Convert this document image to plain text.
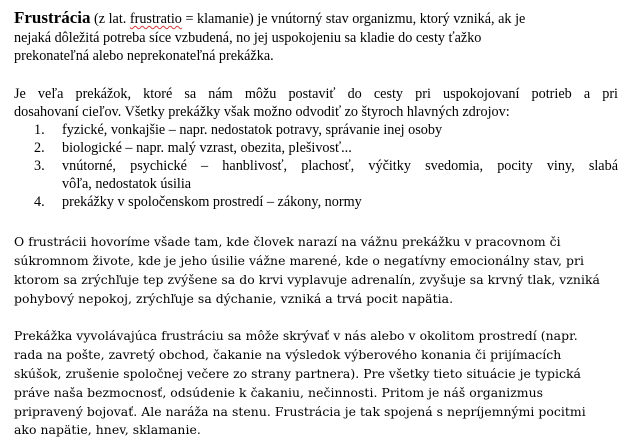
Frustrácia (z lat. frustratio = klamanie) je vnútorný stav organizmu, ktorý vzniká, ak je
nejaká dôležitá potreba síce vzbudená, no jej uspokojeniu sa kladie do cesty ťažko
prekonateľná alebo neprekonateľná prekážka.
Je veľa prekážok, ktoré sa nám môžu postaviť do cesty pri uspokojovaní potrieb a pri
dosahovaní cieľov. Všetky prekážky však možno odvodiť zo štyroch hlavných zdrojov:
1. fyzické, vonkajšie – napr. nedostatok potravy, správanie inej osoby
2. biologické – napr. malý vzrast, obezita, plešivosť...
3. vnútorné, psychické – hanblivosť, plachosť, výčitky svedomia, pocity viny, slabá
vôľa, nedostatok úsilia
4. prekážky v spoločenskom prostredí – zákony, normy
O frustrácii hovoríme všade tam, kde človek narazí na vážnu prekážku v pracovnom či
súkromnom živote, kde je jeho úsilie vážne marené, kde o negatívny emocionálny stav, pri
ktorom sa zrýchľuje tep zvýšene sa do krvi vyplavuje adrenalín, zvyšuje sa krvný tlak, vzniká
pohybový nepokoj, zrýchľuje sa dýchanie, vzniká a trvá pocit napätia.
Prekážka vyvolávajúca frustráciu sa môže skrývať v nás alebo v okolitom prostredí (napr.
rada na pošte, zavretý obchod, čakanie na výsledok výberového konania či prijímacích
skúšok, zrušenie spoločnej večere zo strany partnera). Pre všetky tieto situácie je typická
práve naša bezmocnosť, odsúdenie k čakaniu, nečinnosti. Pritom je náš organizmus
pripravený bojovať. Ale naráža na stenu. Frustrácia je tak spojená s nepríjemnými pocitmi
ako napätie, hnev, sklamanie.
